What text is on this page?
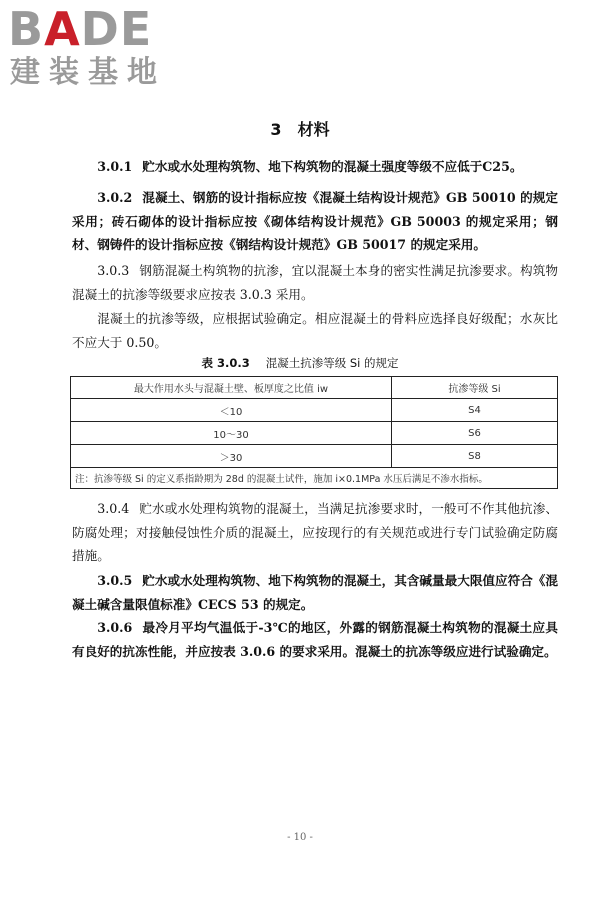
BADE
建装基地
3 材料
3.0.1 贮水或水处理构筑物、地下构筑物的混凝土强度等级不应低于C25。
3.0.2 混凝土、钢筋的设计指标应按《混凝土结构设计规范》GB 50010 的规定采用；砖石砌体的设计指标应按《砌体结构设计规范》GB 50003 的规定采用；钢材、钢铸件的设计指标应按《钢结构设计规范》GB 50017 的规定采用。
3.0.3 钢筋混凝土构筑物的抗渗，宜以混凝土本身的密实性满足抗渗要求。构筑物混凝土的抗渗等级要求应按表 3.0.3 采用。
混凝土的抗渗等级，应根据试验确定。相应混凝土的骨料应选择良好级配；水灰比不应大于 0.50。
表 3.0.3 混凝土抗渗等级 Si 的规定
最大作用水头与混凝土壁、板厚度之比值 iw	抗渗等级 Si
＜10	S4
10～30	S6
＞30	S8
注：抗渗等级 Si 的定义系指龄期为 28d 的混凝土试件，施加 i×0.1MPa 水压后满足不渗水指标。	
3.0.4 贮水或水处理构筑物的混凝土，当满足抗渗要求时，一般可不作其他抗渗、防腐处理；对接触侵蚀性介质的混凝土，应按现行的有关规范或进行专门试验确定防腐措施。
3.0.5 贮水或水处理构筑物、地下构筑物的混凝土，其含碱量最大限值应符合《混凝土碱含量限值标准》CECS 53 的规定。
3.0.6 最冷月平均气温低于-3℃的地区，外露的钢筋混凝土构筑物的混凝土应具有良好的抗冻性能，并应按表 3.0.6 的要求采用。混凝土的抗冻等级应进行试验确定。
- 10 -
